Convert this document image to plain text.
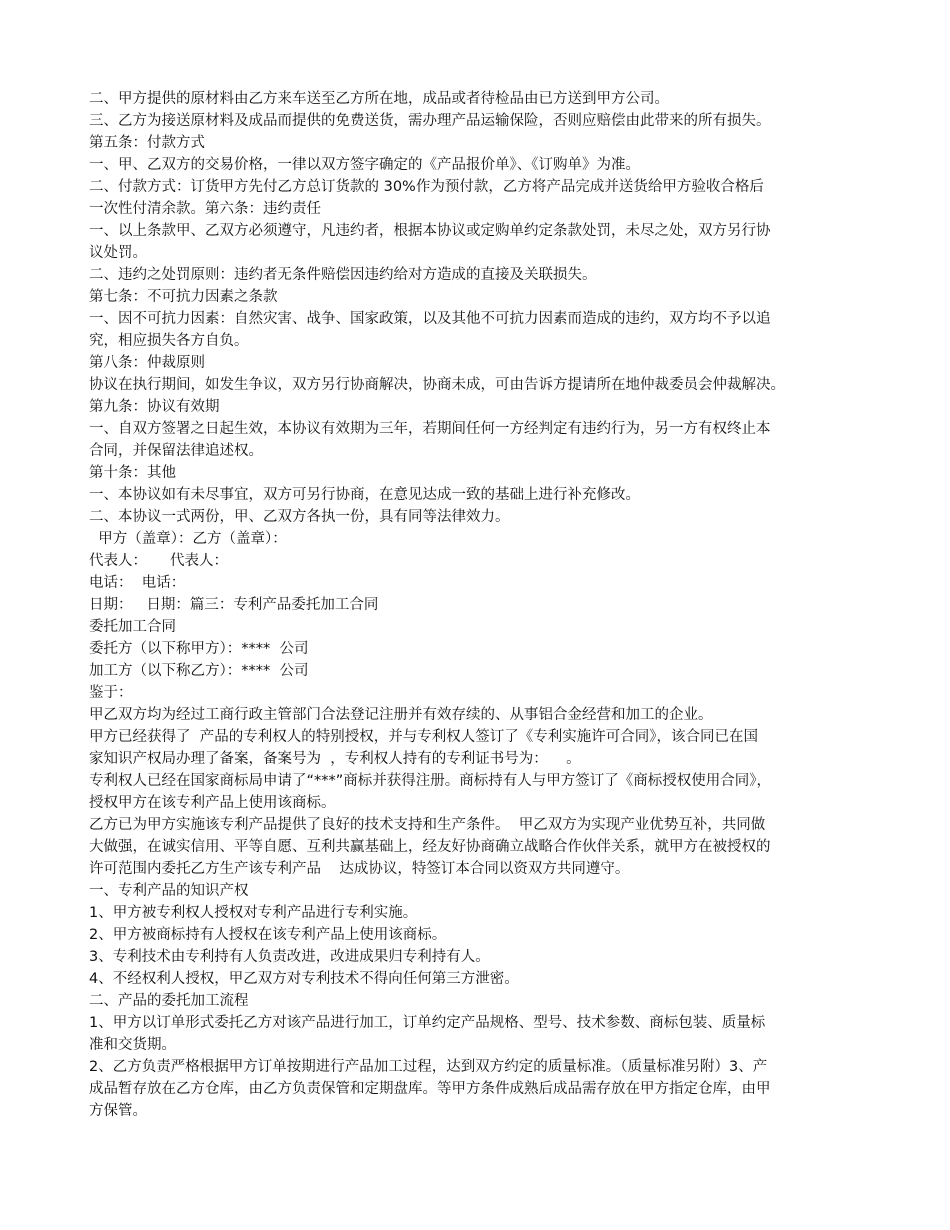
二、甲方提供的原材料由乙方来车送至乙方所在地，成品或者待检品由已方送到甲方公司。

三、乙方为接送原材料及成品而提供的免费送货，需办理产品运输保险，否则应赔偿由此带来的所有损失。

第五条：付款方式

一、甲、乙双方的交易价格，一律以双方签字确定的《产品报价单》、《订购单》为准。

二、付款方式：订货甲方先付乙方总订货款的 30%作为预付款，乙方将产品完成并送货给甲方验收合格后

一次性付清余款。第六条：违约责任

一、以上条款甲、乙双方必须遵守，凡违约者，根据本协议或定购单约定条款处罚，未尽之处，双方另行协

议处罚。

二、违约之处罚原则：违约者无条件赔偿因违约给对方造成的直接及关联损失。

第七条：不可抗力因素之条款

一、因不可抗力因素：自然灾害、战争、国家政策，以及其他不可抗力因素而造成的违约，双方均不予以追

究，相应损失各方自负。

第八条：仲裁原则

协议在执行期间，如发生争议，双方另行协商解决，协商未成，可由告诉方提请所在地仲裁委员会仲裁解决。

第九条：协议有效期

一、自双方签署之日起生效，本协议有效期为三年，若期间任何一方经判定有违约行为，另一方有权终止本

合同，并保留法律追述权。

第十条：其他

一、本协议如有未尽事宜，双方可另行协商，在意见达成一致的基础上进行补充修改。

二、本协议一式两份，甲、乙双方各执一份，具有同等法律效力。

甲方（盖章）：乙方（盖章）：

代表人：     代表人：

电话：  电话：

日期：   日期：篇三：专利产品委托加工合同

委托加工合同

委托方（以下称甲方）：****  公司

加工方（以下称乙方）：****  公司

鉴于：

甲乙双方均为经过工商行政主管部门合法登记注册并有效存续的、从事铝合金经营和加工的企业。

甲方已经获得了  产品的专利权人的特别授权，并与专利权人签订了《专利实施许可合同》，该合同已在国

家知识产权局办理了备案，备案号为  ，专利权人持有的专利证书号为：    。

专利权人已经在国家商标局申请了“***”商标并获得注册。商标持有人与甲方签订了《商标授权使用合同》，

授权甲方在该专利产品上使用该商标。

乙方已为甲方实施该专利产品提供了良好的技术支持和生产条件。  甲乙双方为实现产业优势互补，共同做

大做强，在诚实信用、平等自愿、互利共赢基础上，经友好协商确立战略合作伙伴关系，就甲方在被授权的

许可范围内委托乙方生产该专利产品    达成协议，特签订本合同以资双方共同遵守。

一、专利产品的知识产权

1、甲方被专利权人授权对专利产品进行专利实施。

2、甲方被商标持有人授权在该专利产品上使用该商标。

3、专利技术由专利持有人负责改进，改进成果归专利持有人。

4、不经权利人授权，甲乙双方对专利技术不得向任何第三方泄密。

二、产品的委托加工流程

1、甲方以订单形式委托乙方对该产品进行加工，订单约定产品规格、型号、技术参数、商标包装、质量标

准和交货期。

2、乙方负责严格根据甲方订单按期进行产品加工过程，达到双方约定的质量标准。（质量标准另附）3、产

成品暂存放在乙方仓库，由乙方负责保管和定期盘库。等甲方条件成熟后成品需存放在甲方指定仓库，由甲

方保管。
